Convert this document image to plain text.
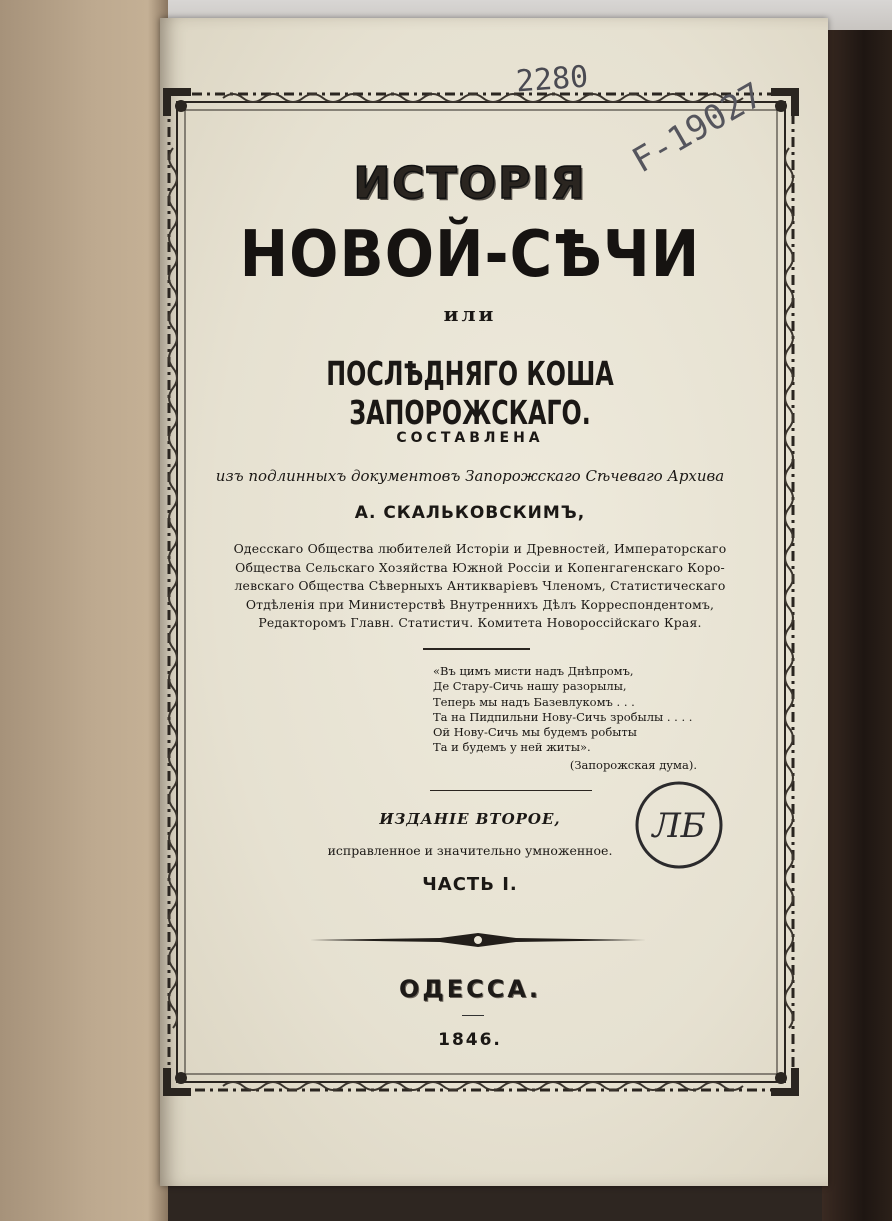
2280 F-19027
ИСТОРІЯ
НОВОЙ-СѢЧИ
или
ПОСЛѢДНЯГО КОША ЗАПОРОЖСКАГО.
СОСТАВЛЕНА
изъ подлинныхъ документовъ Запорожскаго Сѣчеваго Архива
А. СКАЛЬКОВСКИМЪ,
Одесскаго Общества любителей Исторіи и Древностей, Императорскаго
Общества Сельскаго Хозяйства Южной Россіи и Копенгагенскаго Коро-
левскаго Общества Сѣверныхъ Антикваріевъ Членомъ, Статистическаго
Отдѣленія при Министерствѣ Внутреннихъ Дѣлъ Корреспондентомъ,
Редакторомъ Главн. Статистич. Комитета Новороссійскаго Края.
«Въ цимъ мисти надъ Днѣпромъ,
Де Стару-Сичь нашу разорылы,
Теперь мы надъ Базевлукомъ . . .
Та на Пидпильни Нову-Сичь зробылы . . . .
Ой Нову-Сичь мы будемъ робыты
Та и будемъ у ней житы».
(Запорожская дума).
ЛБ
ИЗДАНІЕ ВТОРОЕ,
исправленное и значительно умноженное.
ЧАСТЬ I.
ОДЕССА.
1846.
